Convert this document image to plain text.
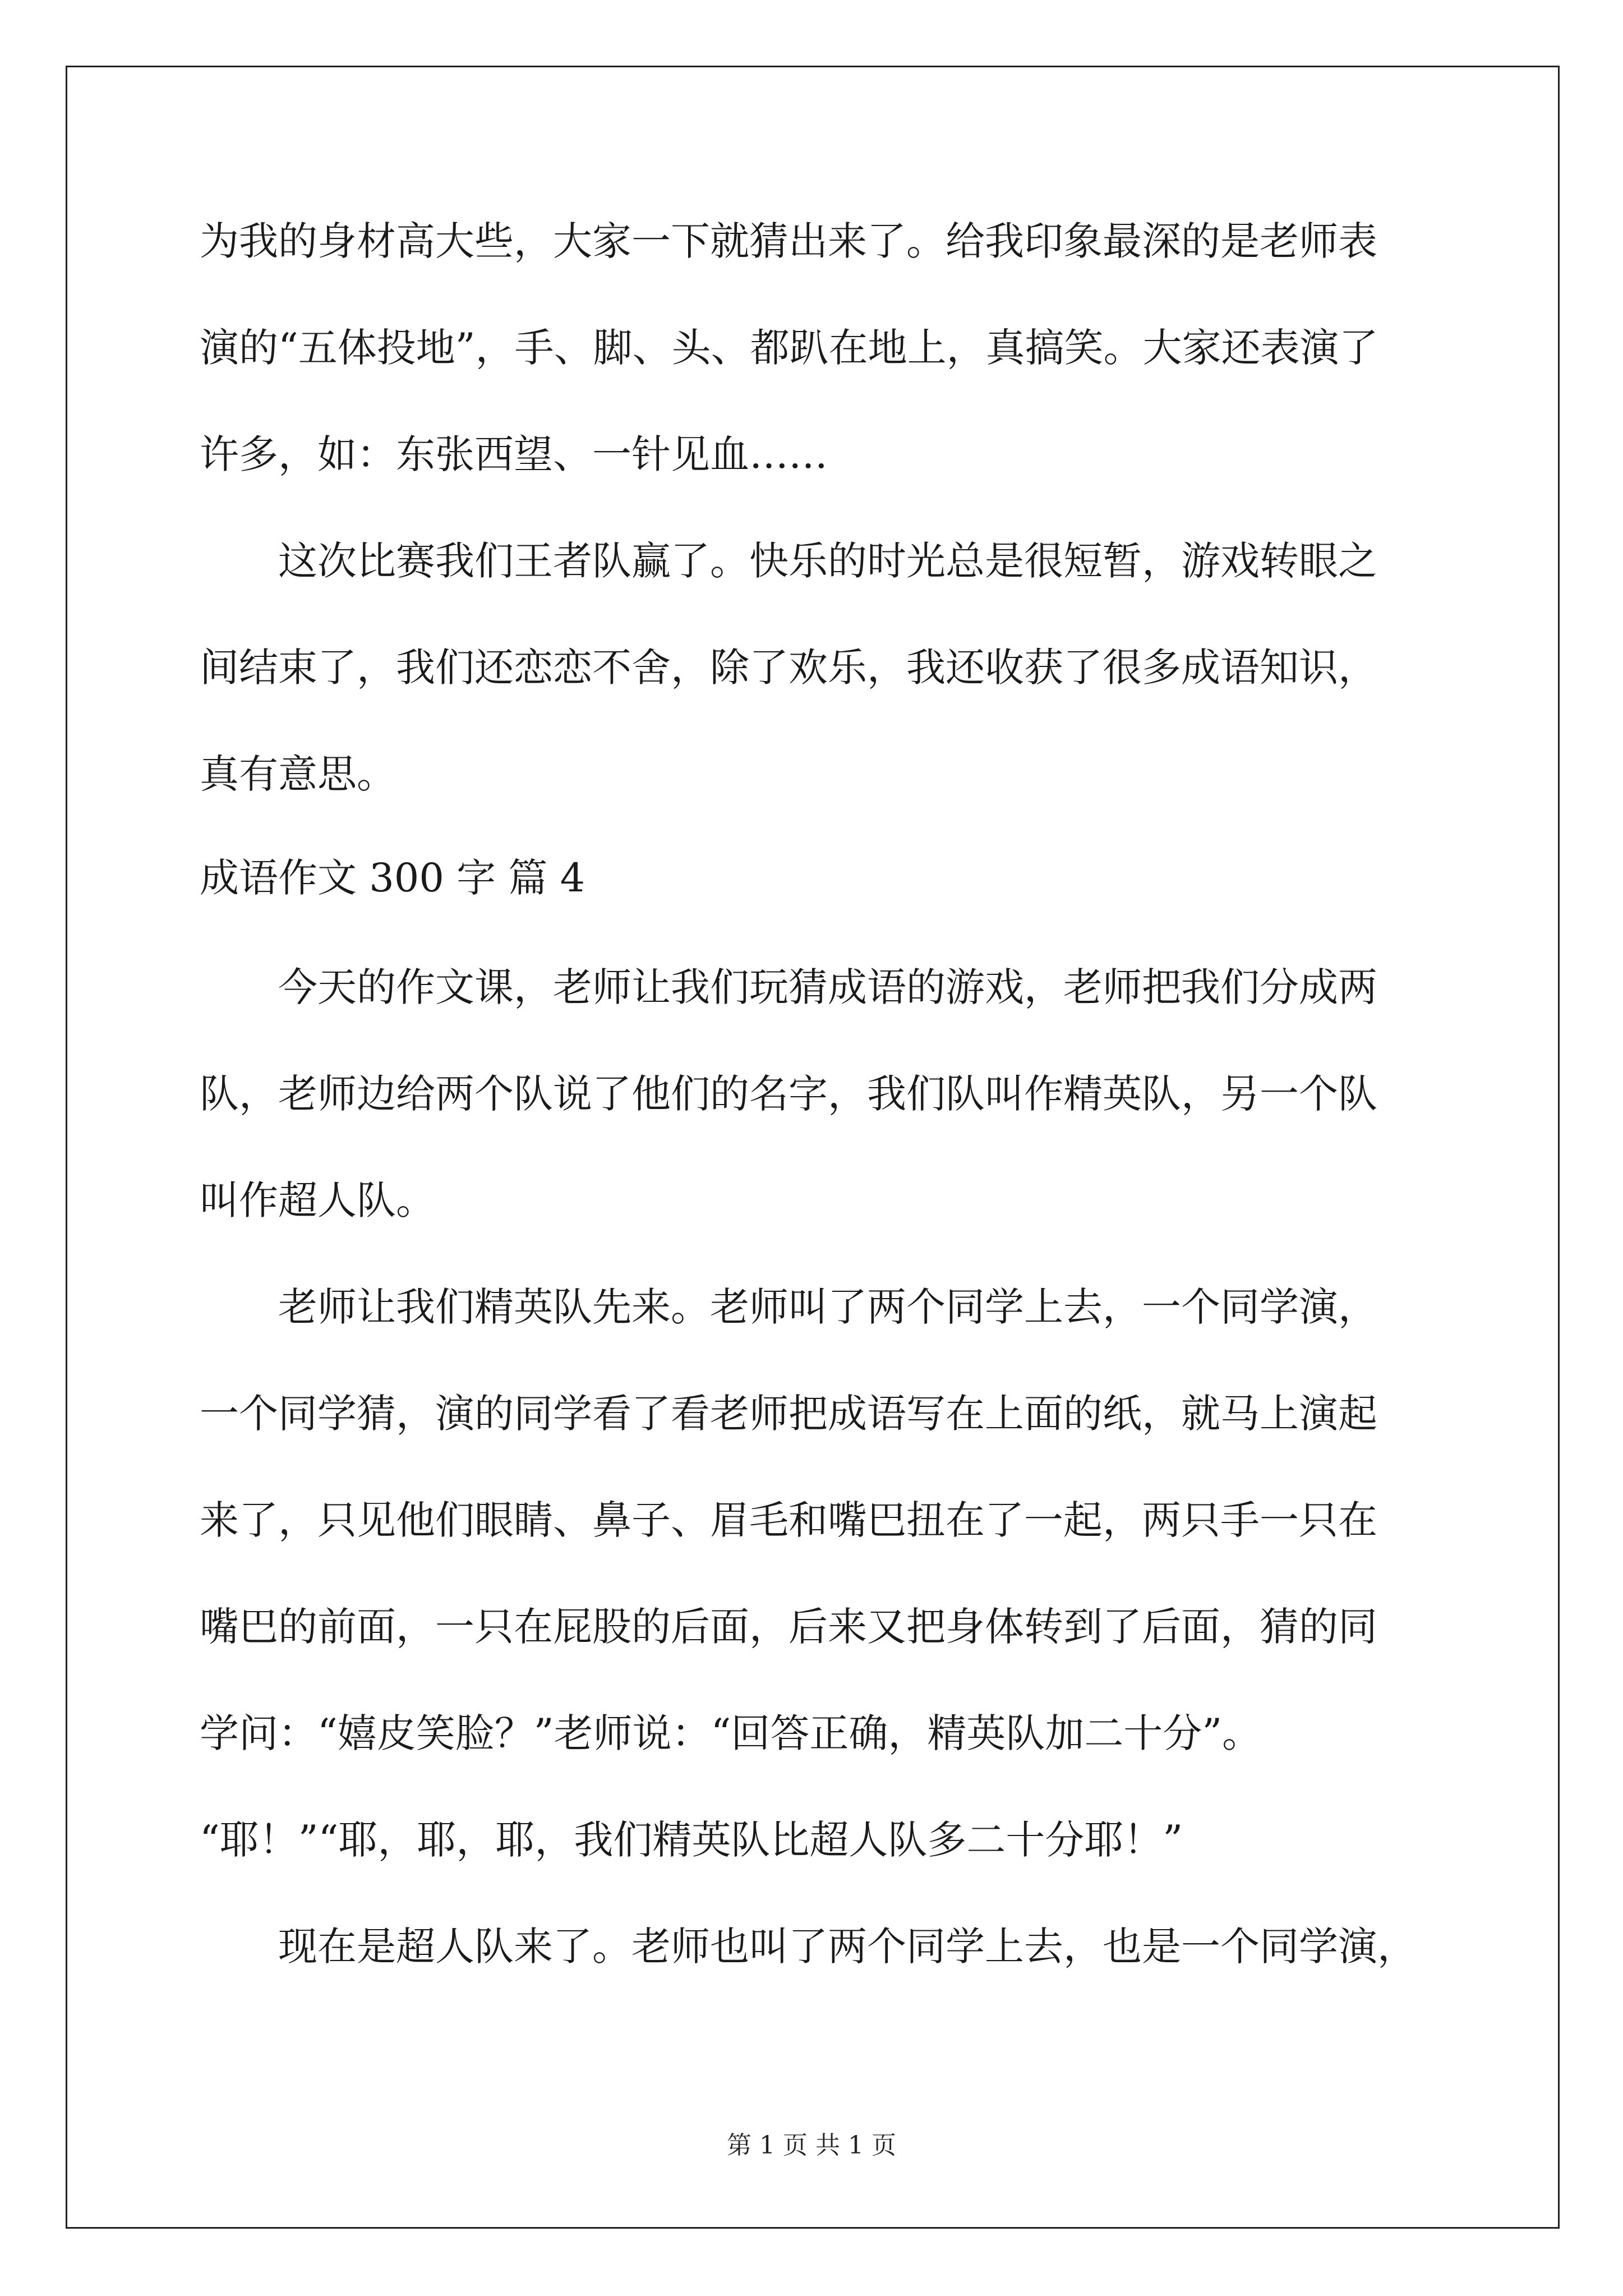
为我的身材高大些，大家一下就猜出来了。给我印象最深的是老师表
演的“五体投地”，手、脚、头、都趴在地上，真搞笑。大家还表演了
许多，如：东张西望、一针见血……
这次比赛我们王者队赢了。快乐的时光总是很短暂，游戏转眼之
间结束了，我们还恋恋不舍，除了欢乐，我还收获了很多成语知识，
真有意思。
成语作文 300 字 篇 4
今天的作文课，老师让我们玩猜成语的游戏，老师把我们分成两
队，老师边给两个队说了他们的名字，我们队叫作精英队，另一个队
叫作超人队。
老师让我们精英队先来。老师叫了两个同学上去，一个同学演，
一个同学猜，演的同学看了看老师把成语写在上面的纸，就马上演起
来了，只见他们眼睛、鼻子、眉毛和嘴巴扭在了一起，两只手一只在
嘴巴的前面，一只在屁股的后面，后来又把身体转到了后面，猜的同
学问：“嬉皮笑脸？”老师说：“回答正确，精英队加二十分”。
“耶！”“耶，耶，耶，我们精英队比超人队多二十分耶！”
现在是超人队来了。老师也叫了两个同学上去，也是一个同学演，
第 1 页 共 1 页
